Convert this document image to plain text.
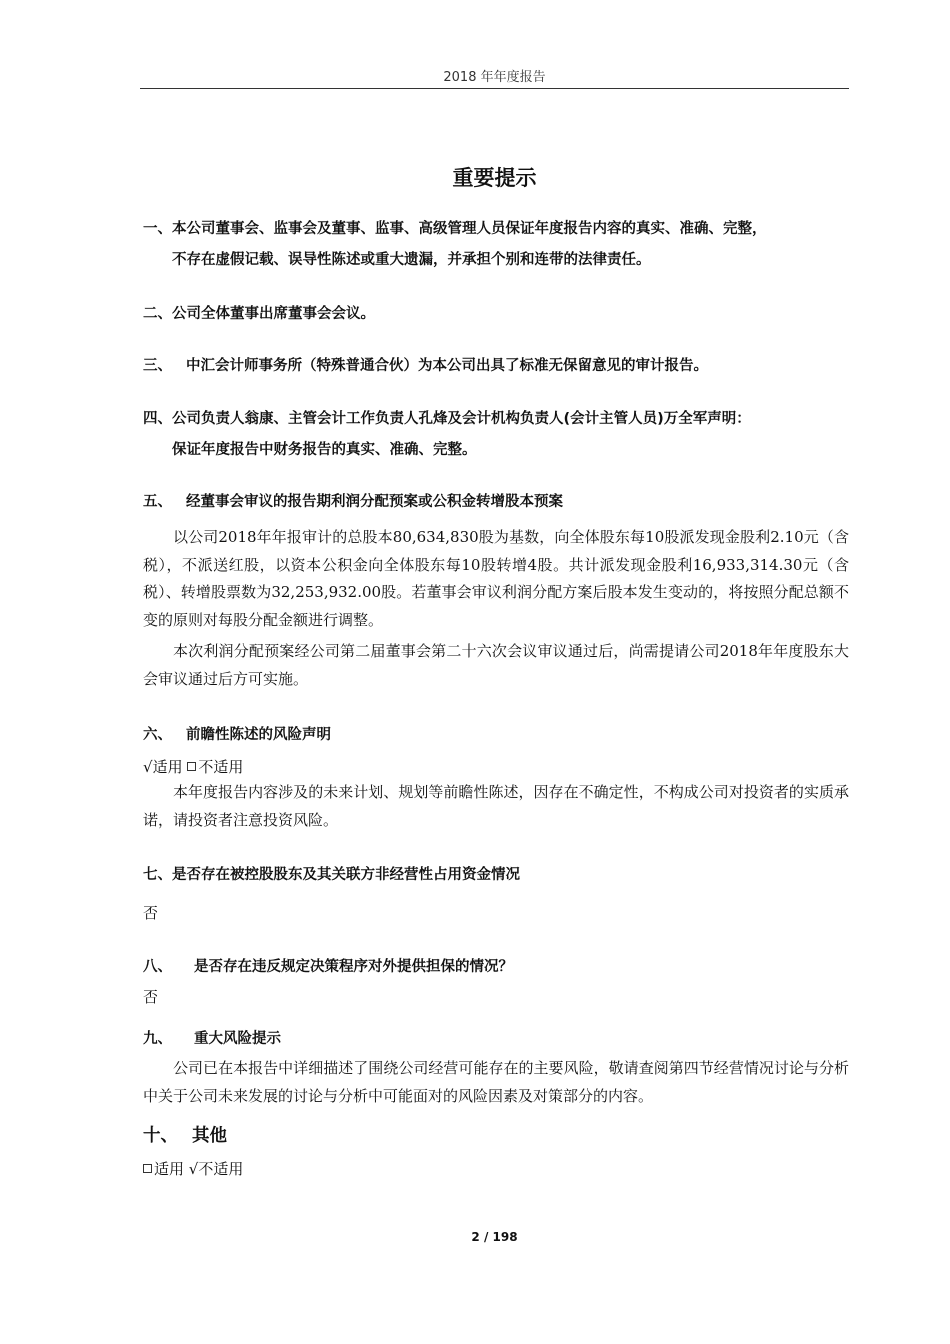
2018 年年度报告
重要提示
一、本公司董事会、监事会及董事、监事、高级管理人员保证年度报告内容的真实、准确、完整，
不存在虚假记载、误导性陈述或重大遗漏，并承担个别和连带的法律责任。
二、公司全体董事出席董事会会议。
三、 中汇会计师事务所（特殊普通合伙）为本公司出具了标准无保留意见的审计报告。
四、公司负责人翁康、主管会计工作负责人孔烽及会计机构负责人(会计主管人员)万全军声明：
保证年度报告中财务报告的真实、准确、完整。
五、 经董事会审议的报告期利润分配预案或公积金转增股本预案
以公司2018年年报审计的总股本80,634,830股为基数，向全体股东每10股派发现金股利2.10元（含税），不派送红股，以资本公积金向全体股东每10股转增4股。共计派发现金股利16,933,314.30元（含税）、转增股票数为32,253,932.00股。若董事会审议利润分配方案后股本发生变动的，将按照分配总额不变的原则对每股分配金额进行调整。
本次利润分配预案经公司第二届董事会第二十六次会议审议通过后，尚需提请公司2018年年度股东大会审议通过后方可实施。
六、 前瞻性陈述的风险声明
√适用 不适用
本年度报告内容涉及的未来计划、规划等前瞻性陈述，因存在不确定性，不构成公司对投资者的实质承诺，请投资者注意投资风险。
七、是否存在被控股股东及其关联方非经营性占用资金情况
否
八、 是否存在违反规定决策程序对外提供担保的情况？
否
九、 重大风险提示
公司已在本报告中详细描述了围绕公司经营可能存在的主要风险，敬请查阅第四节经营情况讨论与分析中关于公司未来发展的讨论与分析中可能面对的风险因素及对策部分的内容。
十、 其他
适用 √不适用
2 / 198
